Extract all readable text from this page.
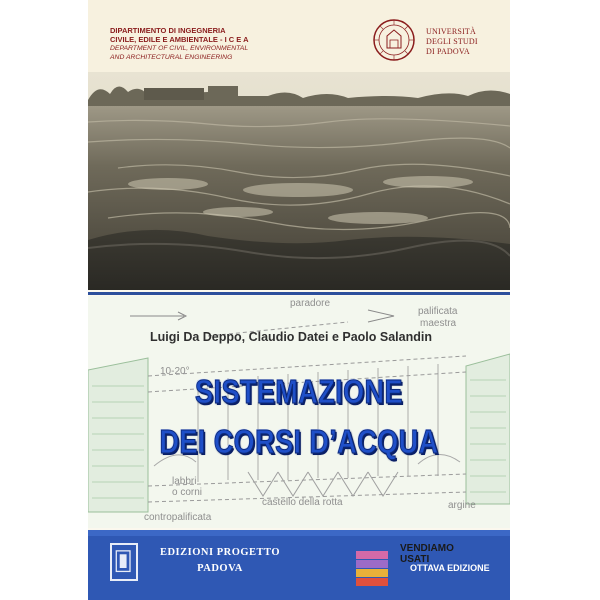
DIPARTIMENTO DI INGEGNERIA
CIVILE, EDILE E AMBIENTALE - I C E A
DEPARTMENT OF CIVIL, ENVIRONMENTAL
AND ARCHITECTURAL ENGINEERING
UNIVERSITÀ
DEGLI STUDI
DI PADOVA
paradore
palificata
maestra
10-20°
labbri
o corni
castello della rotta	argine
contropalificata
Luigi Da Deppo, Claudio Datei e Paolo Salandin
SISTEMAZIONE
DEI CORSI D’ACQUA
EDIZIONI PROGETTO
PADOVA
VENDIAMO
USATI
OTTAVA EDIZIONE
